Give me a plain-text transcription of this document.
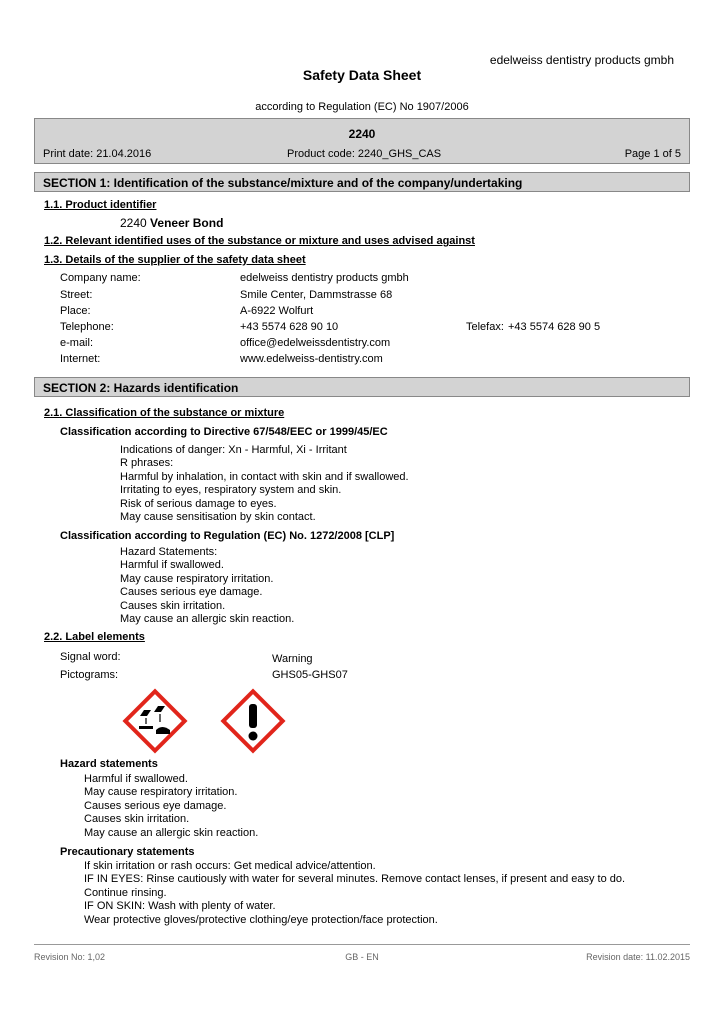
edelweiss dentistry products gmbh
Safety Data Sheet
according to Regulation (EC) No 1907/2006
2240
Print date: 21.04.2016	Product code: 2240_GHS_CAS	Page 1 of 5
SECTION 1: Identification of the substance/mixture and of the company/undertaking
1.1. Product identifier
2240 Veneer Bond
1.2. Relevant identified uses of the substance or mixture and uses advised against
1.3. Details of the supplier of the safety data sheet
Company name:	edelweiss dentistry products gmbh
Street:	Smile Center, Dammstrasse 68
Place:	A-6922 Wolfurt
Telephone:	+43 5574 628 90 10	Telefax: +43 5574 628 90 5
e-mail:	office@edelweissdentistry.com
Internet:	www.edelweiss-dentistry.com
SECTION 2: Hazards identification
2.1. Classification of the substance or mixture
Classification according to Directive 67/548/EEC or 1999/45/EC
Indications of danger: Xn - Harmful, Xi - Irritant
R phrases:
Harmful by inhalation, in contact with skin and if swallowed.
Irritating to eyes, respiratory system and skin.
Risk of serious damage to eyes.
May cause sensitisation by skin contact.
Classification according to Regulation (EC) No. 1272/2008 [CLP]
Hazard Statements:
Harmful if swallowed.
May cause respiratory irritation.
Causes serious eye damage.
Causes skin irritation.
May cause an allergic skin reaction.
2.2. Label elements
Signal word:	Warning
Pictograms:	GHS05-GHS07
Hazard statements
Harmful if swallowed.
May cause respiratory irritation.
Causes serious eye damage.
Causes skin irritation.
May cause an allergic skin reaction.
Precautionary statements
If skin irritation or rash occurs: Get medical advice/attention.
IF IN EYES: Rinse cautiously with water for several minutes. Remove contact lenses, if present and easy to do.
Continue rinsing.
IF ON SKIN: Wash with plenty of water.
Wear protective gloves/protective clothing/eye protection/face protection.
Revision No: 1,02	GB - EN	Revision date: 11.02.2015
